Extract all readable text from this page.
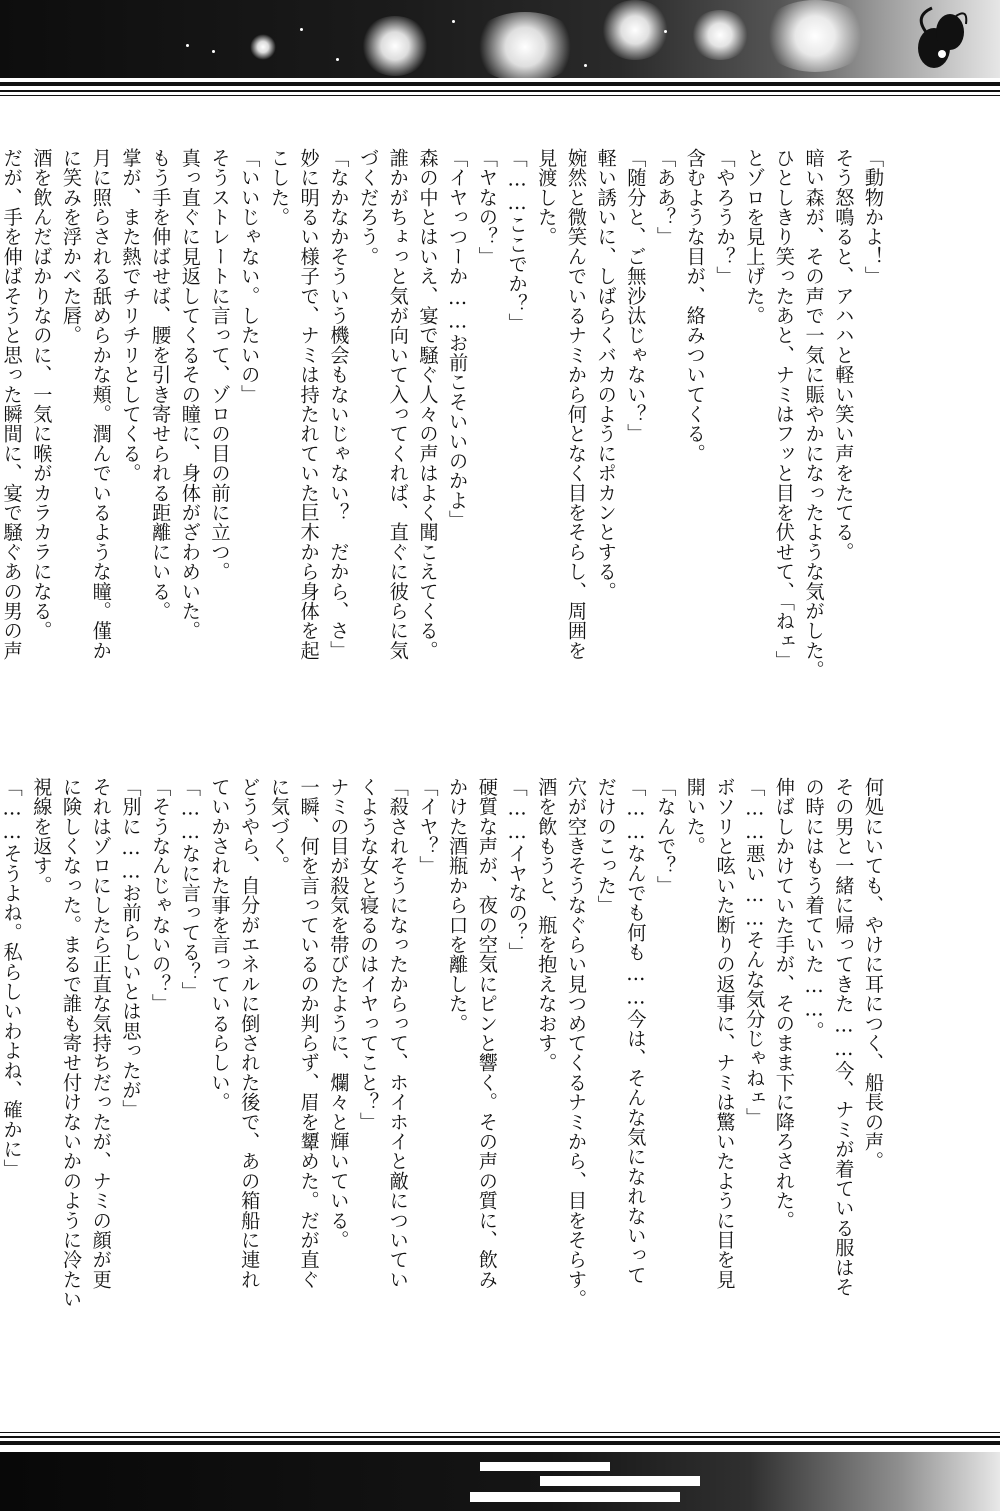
「動物かよ！」

そう怒鳴ると、アハハと軽い笑い声をたてる。

暗い森が、その声で一気に賑やかになったような気がした。

ひとしきり笑ったあと、ナミはフッと目を伏せて、「ねェ」

とゾロを見上げた。

「やろうか？」

含むような目が、絡みついてくる。

「ああ？」

「随分と、ご無沙汰じゃない？」

軽い誘いに、しばらくバカのようにポカンとする。

婉然と微笑んでいるナミから何となく目をそらし、周囲を

見渡した。

「……ここでか？」

「ヤなの？」

「イヤっつーか……お前こそいいのかよ」

森の中とはいえ、宴で騒ぐ人々の声はよく聞こえてくる。

誰かがちょっと気が向いて入ってくれば、直ぐに彼らに気

づくだろう。

「なかなかそういう機会もないじゃない？　だから、さ」

妙に明るい様子で、ナミは持たれていた巨木から身体を起

こした。

「いいじゃない。したいの」

そうストレートに言って、ゾロの目の前に立つ。

真っ直ぐに見返してくるその瞳に、身体がざわめいた。

もう手を伸ばせば、腰を引き寄せられる距離にいる。

掌が、また熱でチリチリとしてくる。

月に照らされる舐めらかな頬。潤んでいるような瞳。僅か

に笑みを浮かべた唇。

酒を飲んだばかりなのに、一気に喉がカラカラになる。

だが、手を伸ばそうと思った瞬間に、宴で騒ぐあの男の声

何処にいても、やけに耳につく、船長の声。

その男と一緒に帰ってきた……今、ナミが着ている服はそ

の時にはもう着ていた……。

伸ばしかけていた手が、そのまま下に降ろされた。

「……悪い……そんな気分じゃねェ」

ボソリと呟いた断りの返事に、ナミは驚いたように目を見

開いた。

「なんで？」

「……なんでも何も……今は、そんな気になれないって

だけのこった」

穴が空きそうなぐらい見つめてくるナミから、目をそらす。

酒を飲もうと、瓶を抱えなおす。

「……イヤなの？」

硬質な声が、夜の空気にピンと響く。その声の質に、飲み

かけた酒瓶から口を離した。

「イヤ？」

「殺されそうになったからって、ホイホイと敵についてい

くような女と寝るのはイヤってこと？」

ナミの目が殺気を帯びたように、爛々と輝いている。

一瞬、何を言っているのか判らず、眉を顰めた。だが直ぐ

に気づく。

どうやら、自分がエネルに倒された後で、あの箱船に連れ

ていかされた事を言っているらしい。

「……なに言ってる？」

「そうなんじゃないの？」

「別に……お前らしいとは思ったが」

それはゾロにしたら正直な気持ちだったが、ナミの顔が更

に険しくなった。まるで誰も寄せ付けないかのように冷たい

視線を返す。

「……そうよね。私らしいわよね、確かに」
